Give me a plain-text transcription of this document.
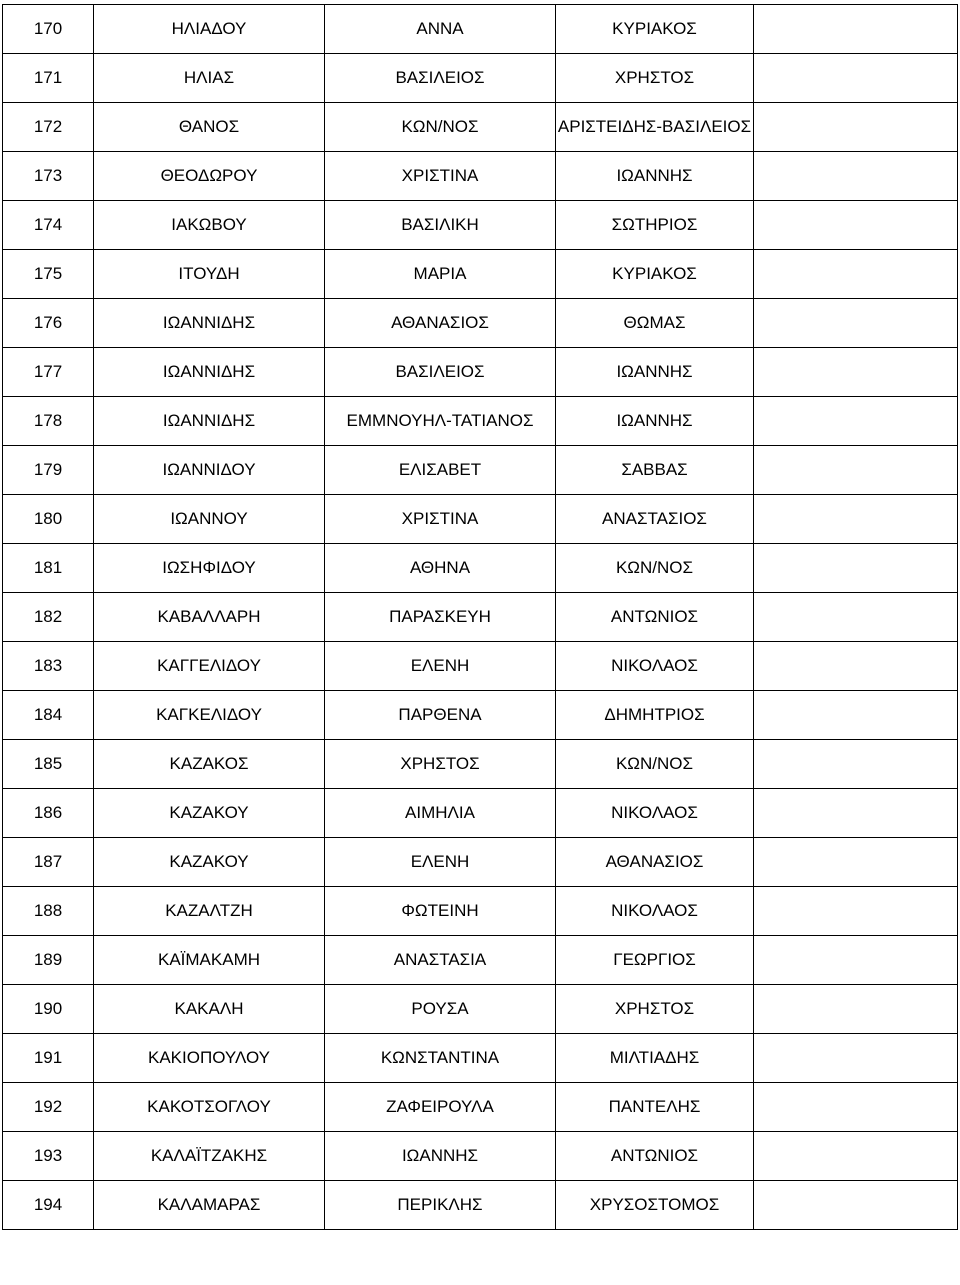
170	ΗΛΙΑΔΟΥ	ΑΝΝΑ	ΚΥΡΙΑΚΟΣ	
171	ΗΛΙΑΣ	ΒΑΣΙΛΕΙΟΣ	ΧΡΗΣΤΟΣ	
172	ΘΑΝΟΣ	ΚΩΝ/ΝΟΣ	ΑΡΙΣΤΕΙΔΗΣ-ΒΑΣΙΛΕΙΟΣ	
173	ΘΕΟΔΩΡΟΥ	ΧΡΙΣΤΙΝΑ	ΙΩΑΝΝΗΣ	
174	ΙΑΚΩΒΟΥ	ΒΑΣΙΛΙΚΗ	ΣΩΤΗΡΙΟΣ	
175	ΙΤΟΥΔΗ	ΜΑΡΙΑ	ΚΥΡΙΑΚΟΣ	
176	ΙΩΑΝΝΙΔΗΣ	ΑΘΑΝΑΣΙΟΣ	ΘΩΜΑΣ	
177	ΙΩΑΝΝΙΔΗΣ	ΒΑΣΙΛΕΙΟΣ	ΙΩΑΝΝΗΣ	
178	ΙΩΑΝΝΙΔΗΣ	ΕΜΜΝΟΥΗΛ-ΤΑΤΙΑΝΟΣ	ΙΩΑΝΝΗΣ	
179	ΙΩΑΝΝΙΔΟΥ	ΕΛΙΣΑΒΕΤ	ΣΑΒΒΑΣ	
180	ΙΩΑΝΝΟΥ	ΧΡΙΣΤΙΝΑ	ΑΝΑΣΤΑΣΙΟΣ	
181	ΙΩΣΗΦΙΔΟΥ	ΑΘΗΝΑ	ΚΩΝ/ΝΟΣ	
182	ΚΑΒΑΛΛΑΡΗ	ΠΑΡΑΣΚΕΥΗ	ΑΝΤΩΝΙΟΣ	
183	ΚΑΓΓΕΛΙΔΟΥ	ΕΛΕΝΗ	ΝΙΚΟΛΑΟΣ	
184	ΚΑΓΚΕΛΙΔΟΥ	ΠΑΡΘΕΝΑ	ΔΗΜΗΤΡΙΟΣ	
185	ΚΑΖΑΚΟΣ	ΧΡΗΣΤΟΣ	ΚΩΝ/ΝΟΣ	
186	ΚΑΖΑΚΟΥ	ΑΙΜΗΛΙΑ	ΝΙΚΟΛΑΟΣ	
187	ΚΑΖΑΚΟΥ	ΕΛΕΝΗ	ΑΘΑΝΑΣΙΟΣ	
188	ΚΑΖΑΛΤΖΗ	ΦΩΤΕΙΝΗ	ΝΙΚΟΛΑΟΣ	
189	ΚΑΪΜΑΚΑΜΗ	ΑΝΑΣΤΑΣΙΑ	ΓΕΩΡΓΙΟΣ	
190	ΚΑΚΑΛΗ	ΡΟΥΣΑ	ΧΡΗΣΤΟΣ	
191	ΚΑΚΙΟΠΟΥΛΟΥ	ΚΩΝΣΤΑΝΤΙΝΑ	ΜΙΛΤΙΑΔΗΣ	
192	ΚΑΚΟΤΣΟΓΛΟΥ	ΖΑΦΕΙΡΟΥΛΑ	ΠΑΝΤΕΛΗΣ	
193	ΚΑΛΑΪΤΖΑΚΗΣ	ΙΩΑΝΝΗΣ	ΑΝΤΩΝΙΟΣ	
194	ΚΑΛΑΜΑΡΑΣ	ΠΕΡΙΚΛΗΣ	ΧΡΥΣΟΣΤΟΜΟΣ	
